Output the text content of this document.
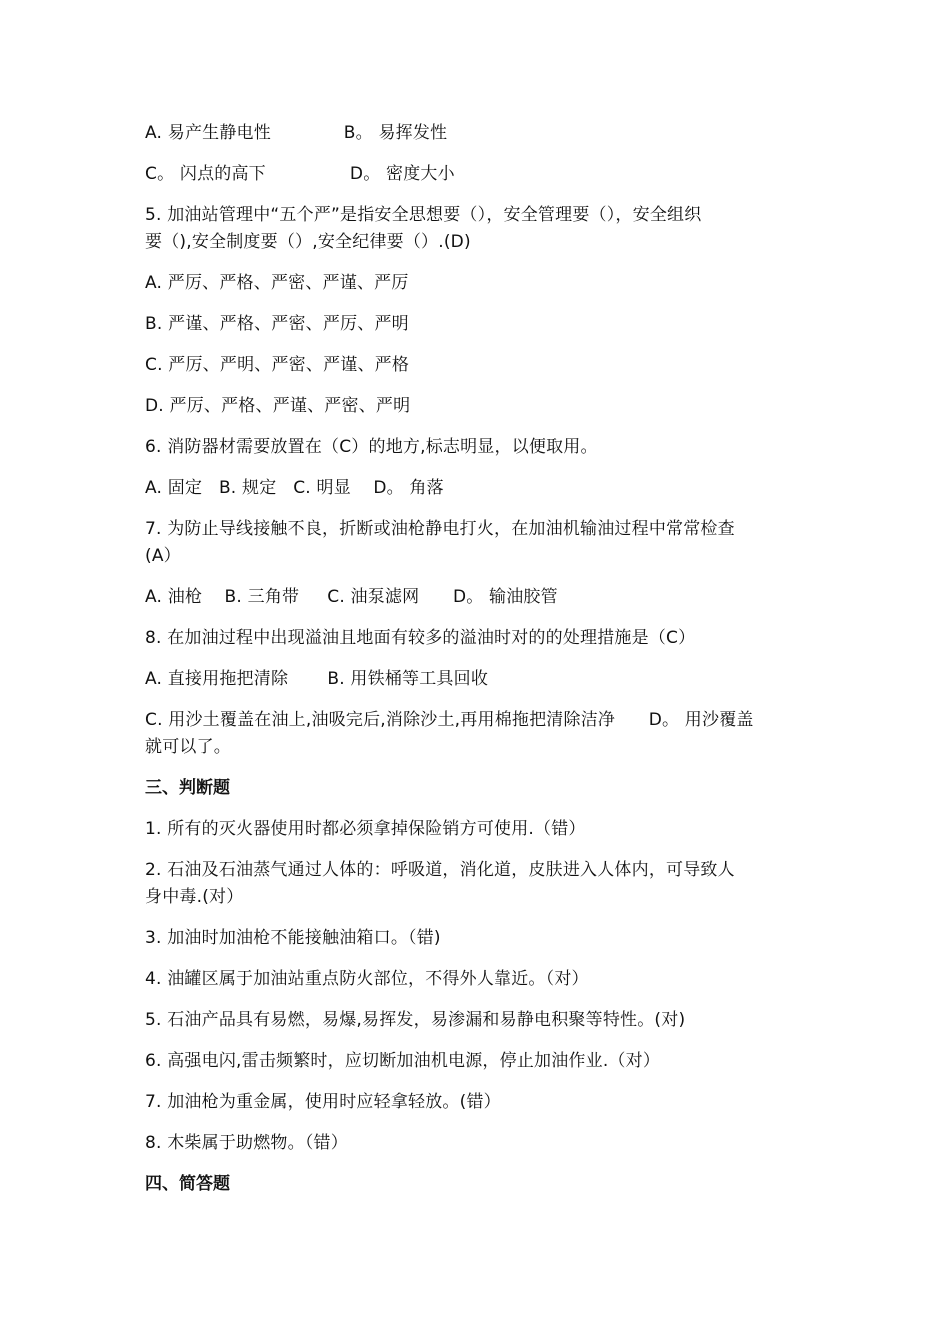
A. 易产生静电性             B。 易挥发性
C。 闪点的高下               D。 密度大小
5. 加油站管理中“五个严”是指安全思想要（），安全管理要（），安全组织
要（),安全制度要（）,安全纪律要（）.(D)
A. 严厉、严格、严密、严谨、严厉
B. 严谨、严格、严密、严厉、严明
C. 严厉、严明、严密、严谨、严格
D. 严厉、严格、严谨、严密、严明
6. 消防器材需要放置在（C）的地方,标志明显，以便取用。
A. 固定   B. 规定   C. 明显    D。 角落
7. 为防止导线接触不良，折断或油枪静电打火，在加油机输油过程中常常检查
(A）
A. 油枪    B. 三角带     C. 油泵滤网      D。 输油胶管
8. 在加油过程中出现溢油且地面有较多的溢油时对的的处理措施是（C）
A. 直接用拖把清除       B. 用铁桶等工具回收
C. 用沙土覆盖在油上,油吸完后,消除沙土,再用棉拖把清除洁净      D。 用沙覆盖
就可以了。
三、判断题
1. 所有的灭火器使用时都必须拿掉保险销方可使用.（错）
2. 石油及石油蒸气通过人体的：呼吸道，消化道，皮肤进入人体内，可导致人
身中毒.(对）
3. 加油时加油枪不能接触油箱口。（错)
4. 油罐区属于加油站重点防火部位，不得外人靠近。（对）
5. 石油产品具有易燃，易爆,易挥发，易渗漏和易静电积聚等特性。(对)
6. 高强电闪,雷击频繁时，应切断加油机电源，停止加油作业.（对）
7. 加油枪为重金属，使用时应轻拿轻放。(错）
8. 木柴属于助燃物。（错）
四、简答题
